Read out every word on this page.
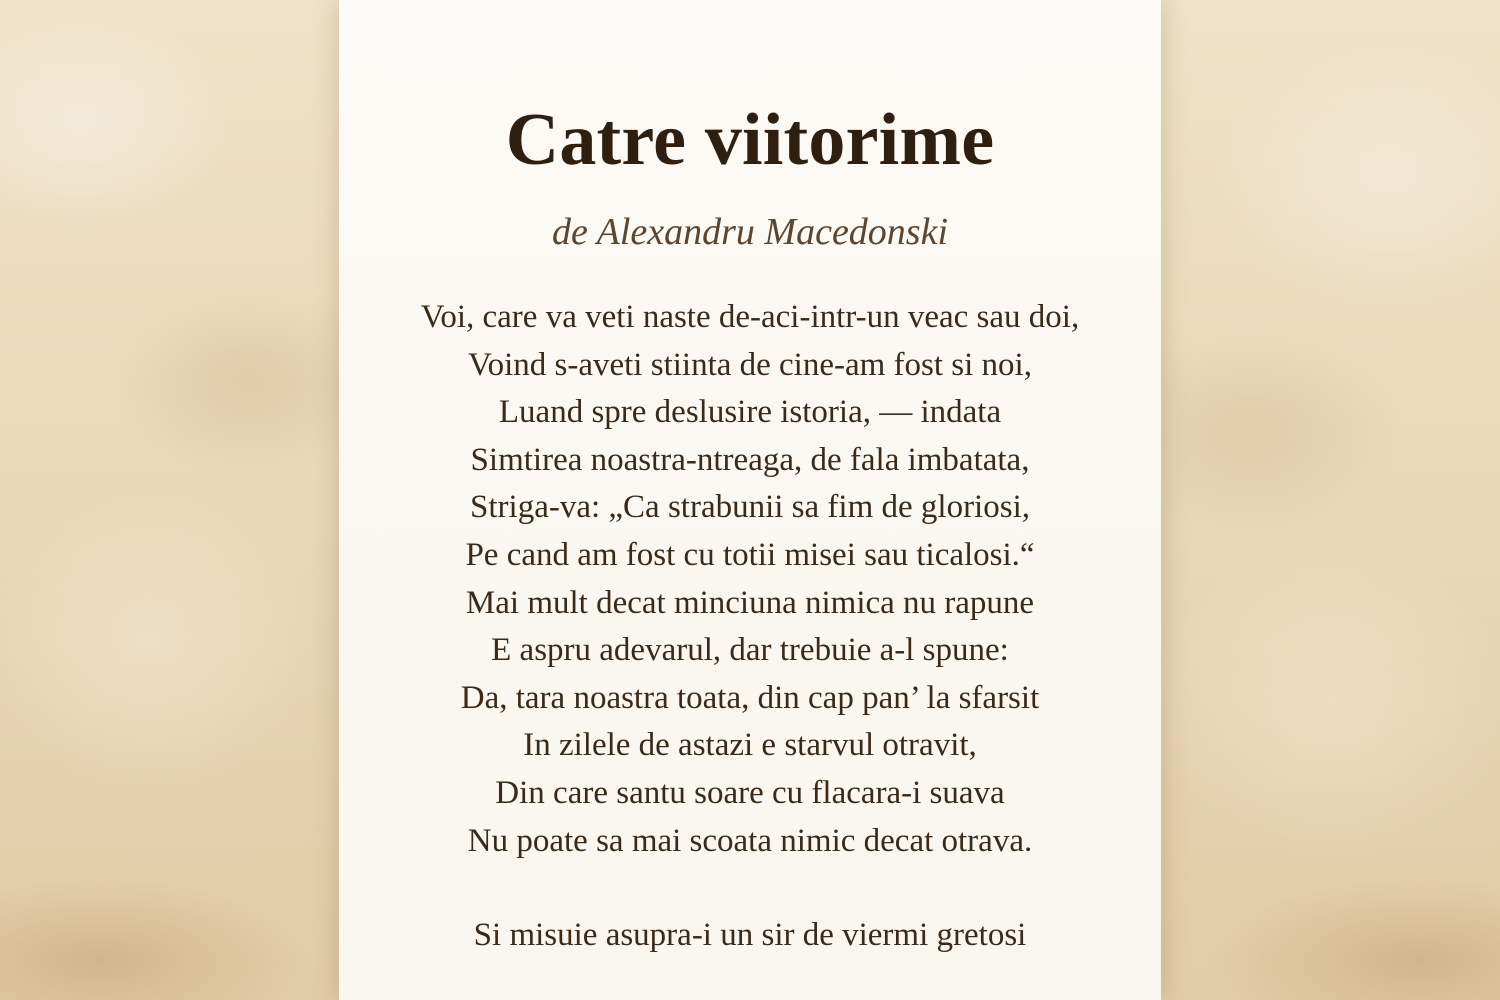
Catre viitorime
de Alexandru Macedonski
Voi, care va veti naste de-aci-intr-un veac sau doi,
Voind s-aveti stiinta de cine-am fost si noi,
Luand spre deslusire istoria, — indata
Simtirea noastra-ntreaga, de fala imbatata,
Striga-va: „Ca strabunii sa fim de gloriosi,
Pe cand am fost cu totii misei sau ticalosi.“
Mai mult decat minciuna nimica nu rapune
E aspru adevarul, dar trebuie a-l spune:
Da, tara noastra toata, din cap pan’ la sfarsit
In zilele de astazi e starvul otravit,
Din care santu soare cu flacara-i suava
Nu poate sa mai scoata nimic decat otrava.
Si misuie asupra-i un sir de viermi gretosi
